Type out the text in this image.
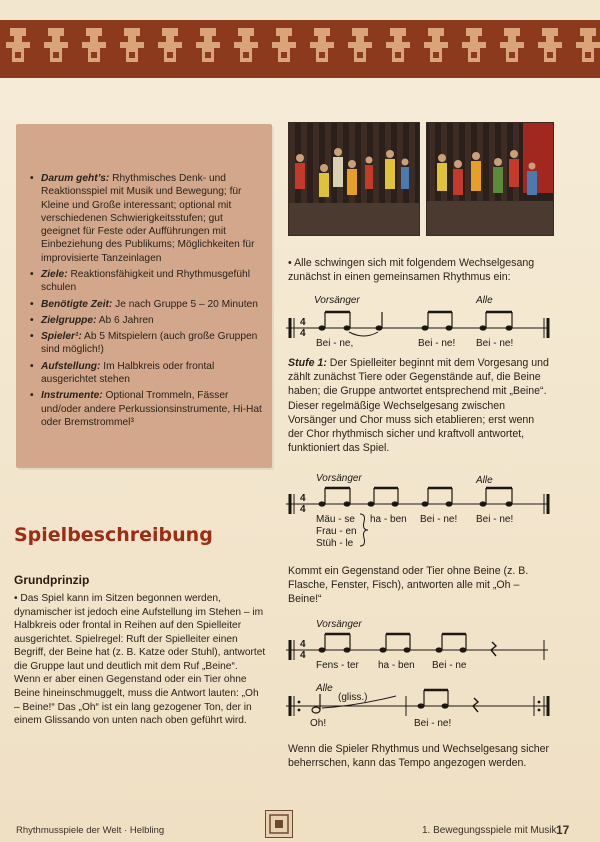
• Darum geht’s: Rhythmisches Denk- und Reaktionsspiel mit Musik und Bewegung; für Kleine und Große interessant; optional mit verschiedenen Schwierigkeitsstufen; gut geeignet für Feste oder Aufführungen mit Einbeziehung des Publikums; Möglichkeiten für improvisierte Tanzeinlagen
• Ziele: Reaktionsfähigkeit und Rhythmusgefühl schulen
• Benötigte Zeit: Je nach Gruppe 5 – 20 Minuten
• Zielgruppe: Ab 6 Jahren
• Spieler¹: Ab 5 Mitspielern (auch große Gruppen sind möglich!)
• Aufstellung: Im Halbkreis oder frontal ausgerichtet stehen
• Instrumente: Optional Trommeln, Fässer und/oder andere Perkussionsinstrumente, Hi-Hat oder Bremstrommel³

• Alle schwingen sich mit folgendem Wechselgesang zunächst in einen gemeinsamen Rhythmus ein:

Vorsänger	Alle
4
4
Bei - ne,	Bei - ne! Bei - ne!

Stufe 1: Der Spielleiter beginnt mit dem Vorgesang und zählt zunächst Tiere oder Gegenstände auf, die Beine haben; die Gruppe antwortet entsprechend mit „Beine“. Dieser regelmäßige Wechselgesang zwischen Vorsänger und Chor muss sich etablieren; erst wenn der Chor rhythmisch sicher und kraftvoll antwortet, funktioniert das Spiel.

Vorsänger	Alle
4
4
Mäu - se
Frau - en
Stüh - le
ha - ben Bei - ne! Bei - ne!

Kommt ein Gegenstand oder Tier ohne Beine (z. B. Flasche, Fenster, Fisch), antworten alle mit „Oh – Beine!“

Vorsänger
4
4
Fens - ter ha - ben Bei - ne
Alle
(gliss.)
Oh!	Bei - ne!

Wenn die Spieler Rhythmus und Wechselgesang sicher beherrschen, kann das Tempo angezogen werden.

Spielbeschreibung
Grundprinzip

• Das Spiel kann im Sitzen begonnen werden, dynamischer ist jedoch eine Aufstellung im Stehen – im Halbkreis oder frontal in Reihen auf den Spielleiter ausgerichtet. Spielregel: Ruft der Spielleiter einen Begriff, der Beine hat (z. B. Katze oder Stuhl), antwortet die Gruppe laut und deutlich mit dem Ruf „Beine“. Wenn er aber einen Gegenstand oder ein Tier ohne Beine hineinschmuggelt, muss die Antwort lauten: „Oh – Beine!“ Das „Oh“ ist ein lang gezogener Ton, der in einem Glissando von unten nach oben geführt wird.

Rhythmusspiele der Welt · Helbling	1. Bewegungsspiele mit Musik 17
